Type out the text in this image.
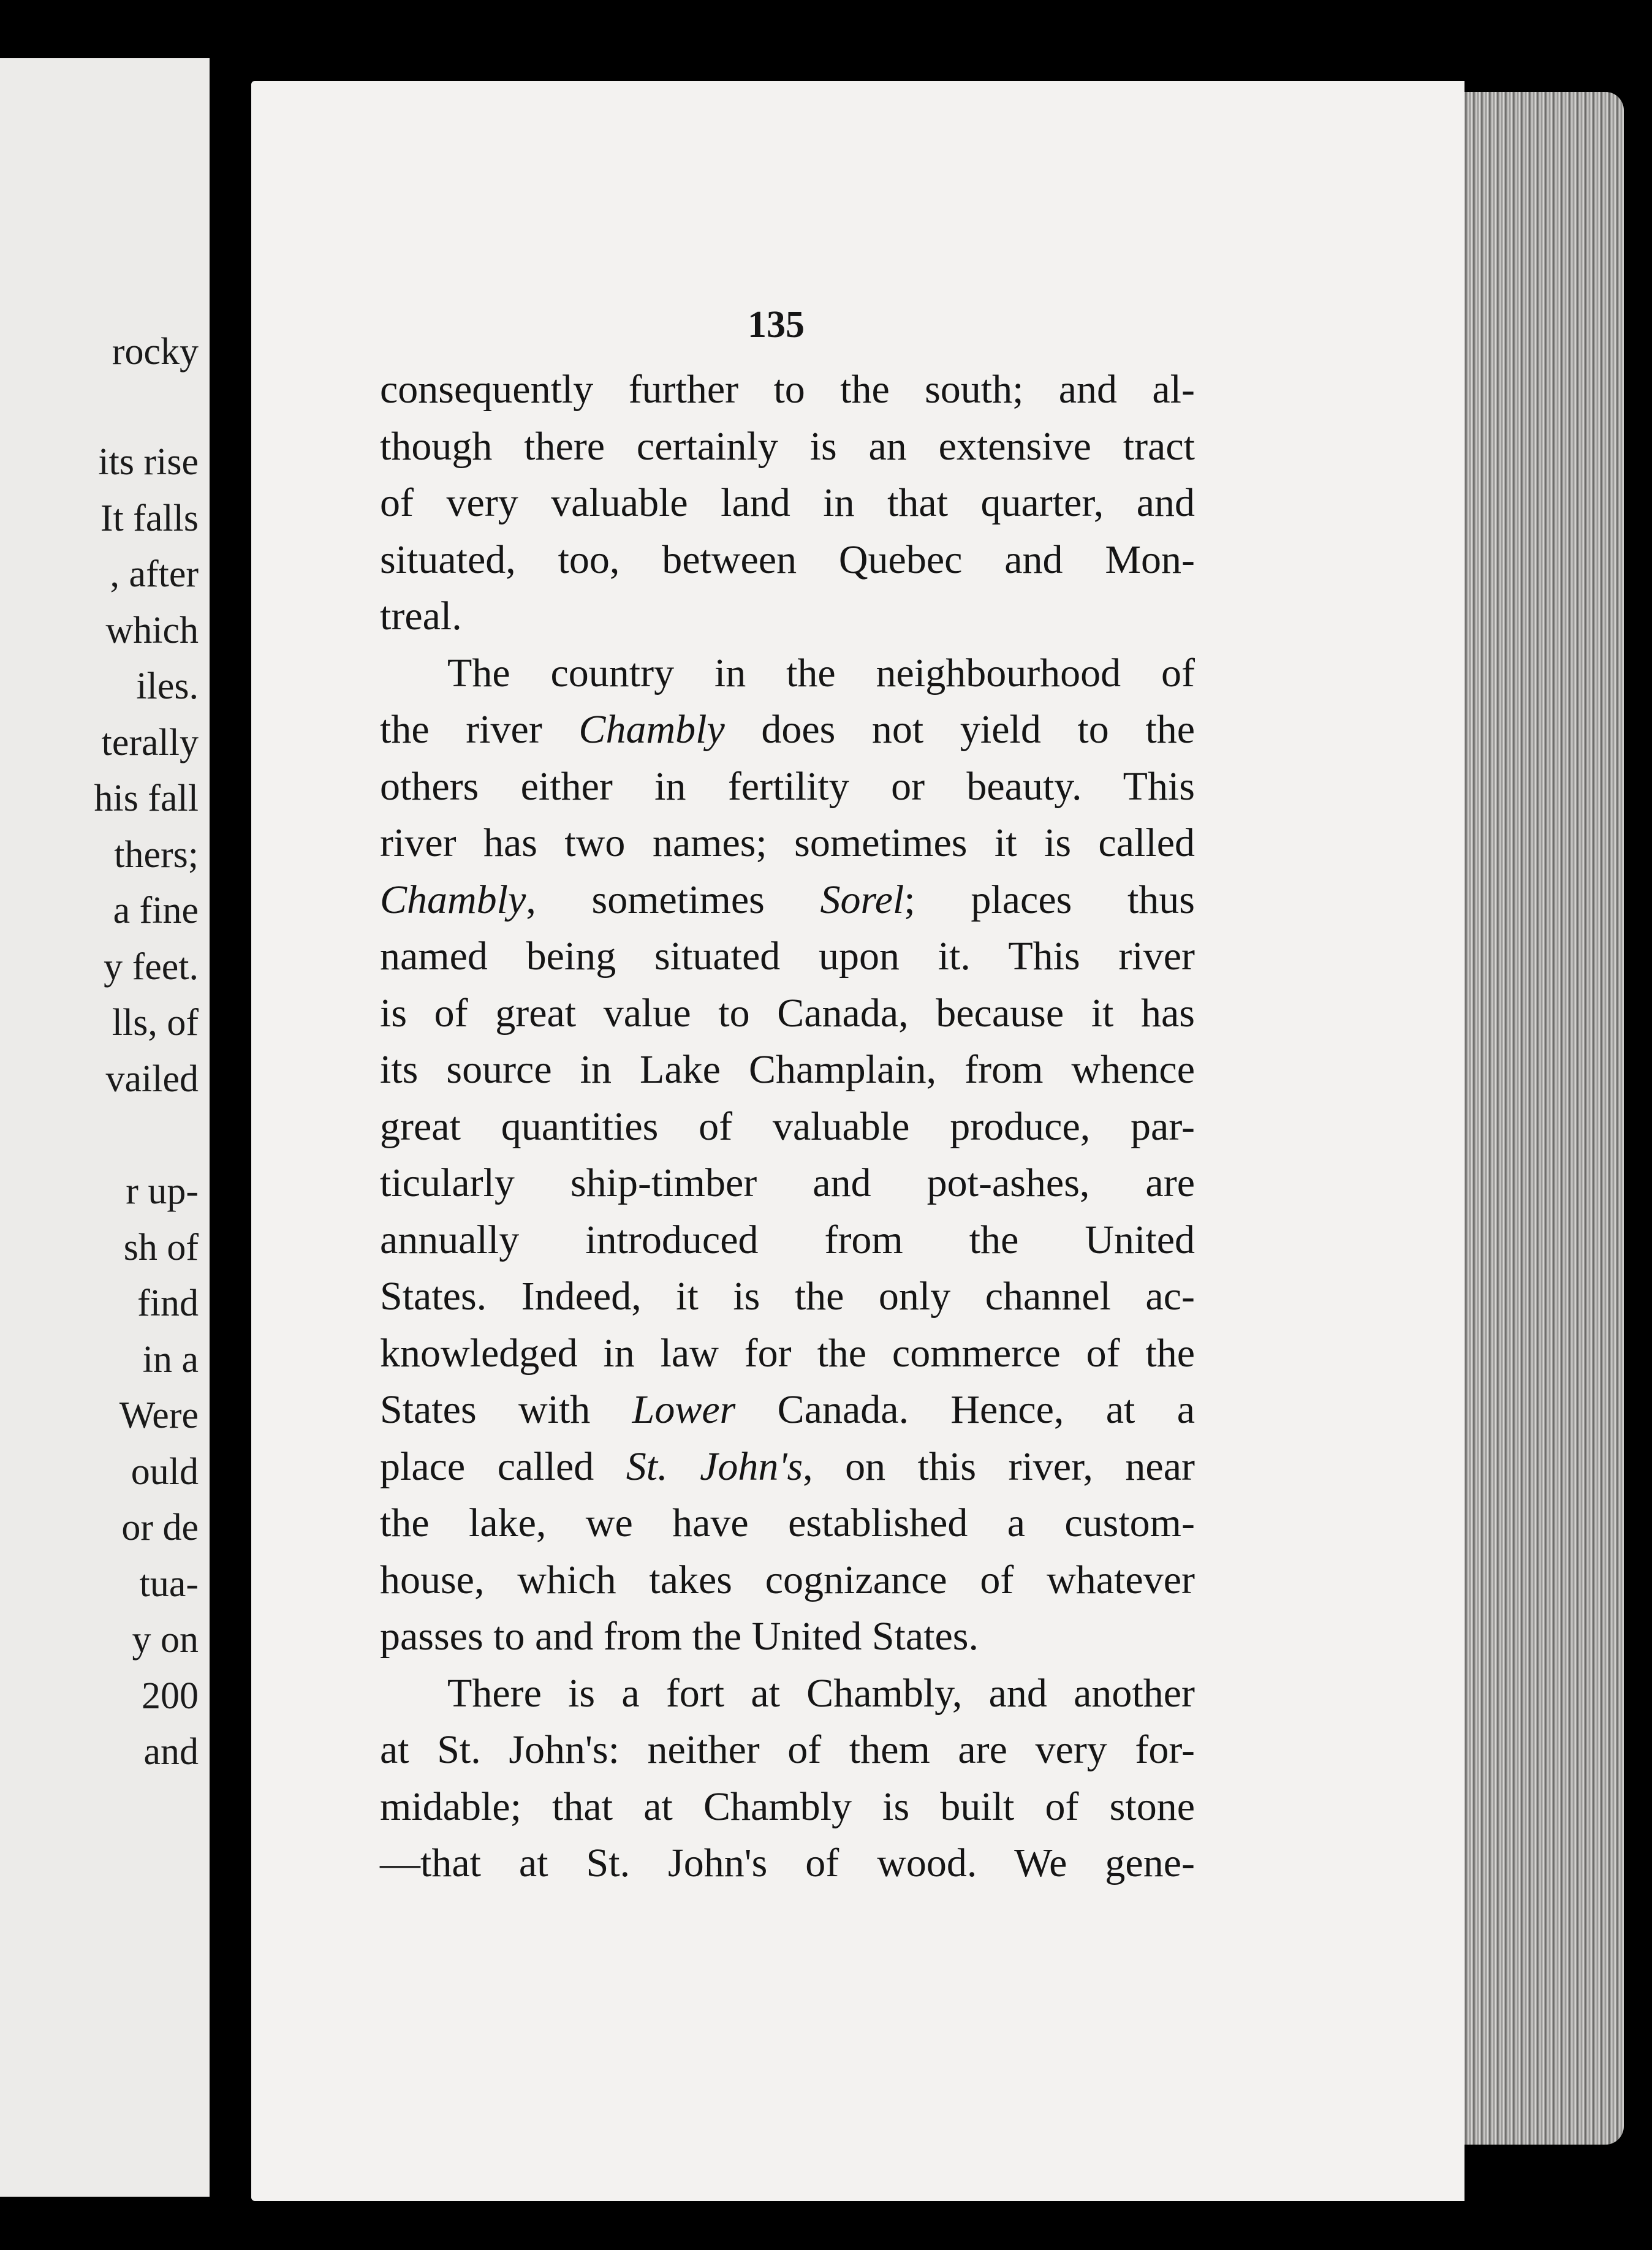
rocky
its rise
It falls
, after
which
iles.
terally
his fall
thers;
a fine
y feet.
lls, of
vailed
r up-
sh of
find
in a
Were
ould
or de
tua-
y on
200
and
135
consequently further to the south; and al-
though there certainly is an extensive tract
of very valuable land in that quarter, and
situated, too, between Quebec and Mon-
treal.
The country in the neighbourhood of
the river Chambly does not yield to the
others either in fertility or beauty. This
river has two names; sometimes it is called
Chambly, sometimes Sorel; places thus
named being situated upon it. This river
is of great value to Canada, because it has
its source in Lake Champlain, from whence
great quantities of valuable produce, par-
ticularly ship-timber and pot-ashes, are
annually introduced from the United
States. Indeed, it is the only channel ac-
knowledged in law for the commerce of the
States with Lower Canada. Hence, at a
place called St. John's, on this river, near
the lake, we have established a custom-
house, which takes cognizance of whatever
passes to and from the United States.
There is a fort at Chambly, and another
at St. John's: neither of them are very for-
midable; that at Chambly is built of stone
—that at St. John's of wood. We gene-
